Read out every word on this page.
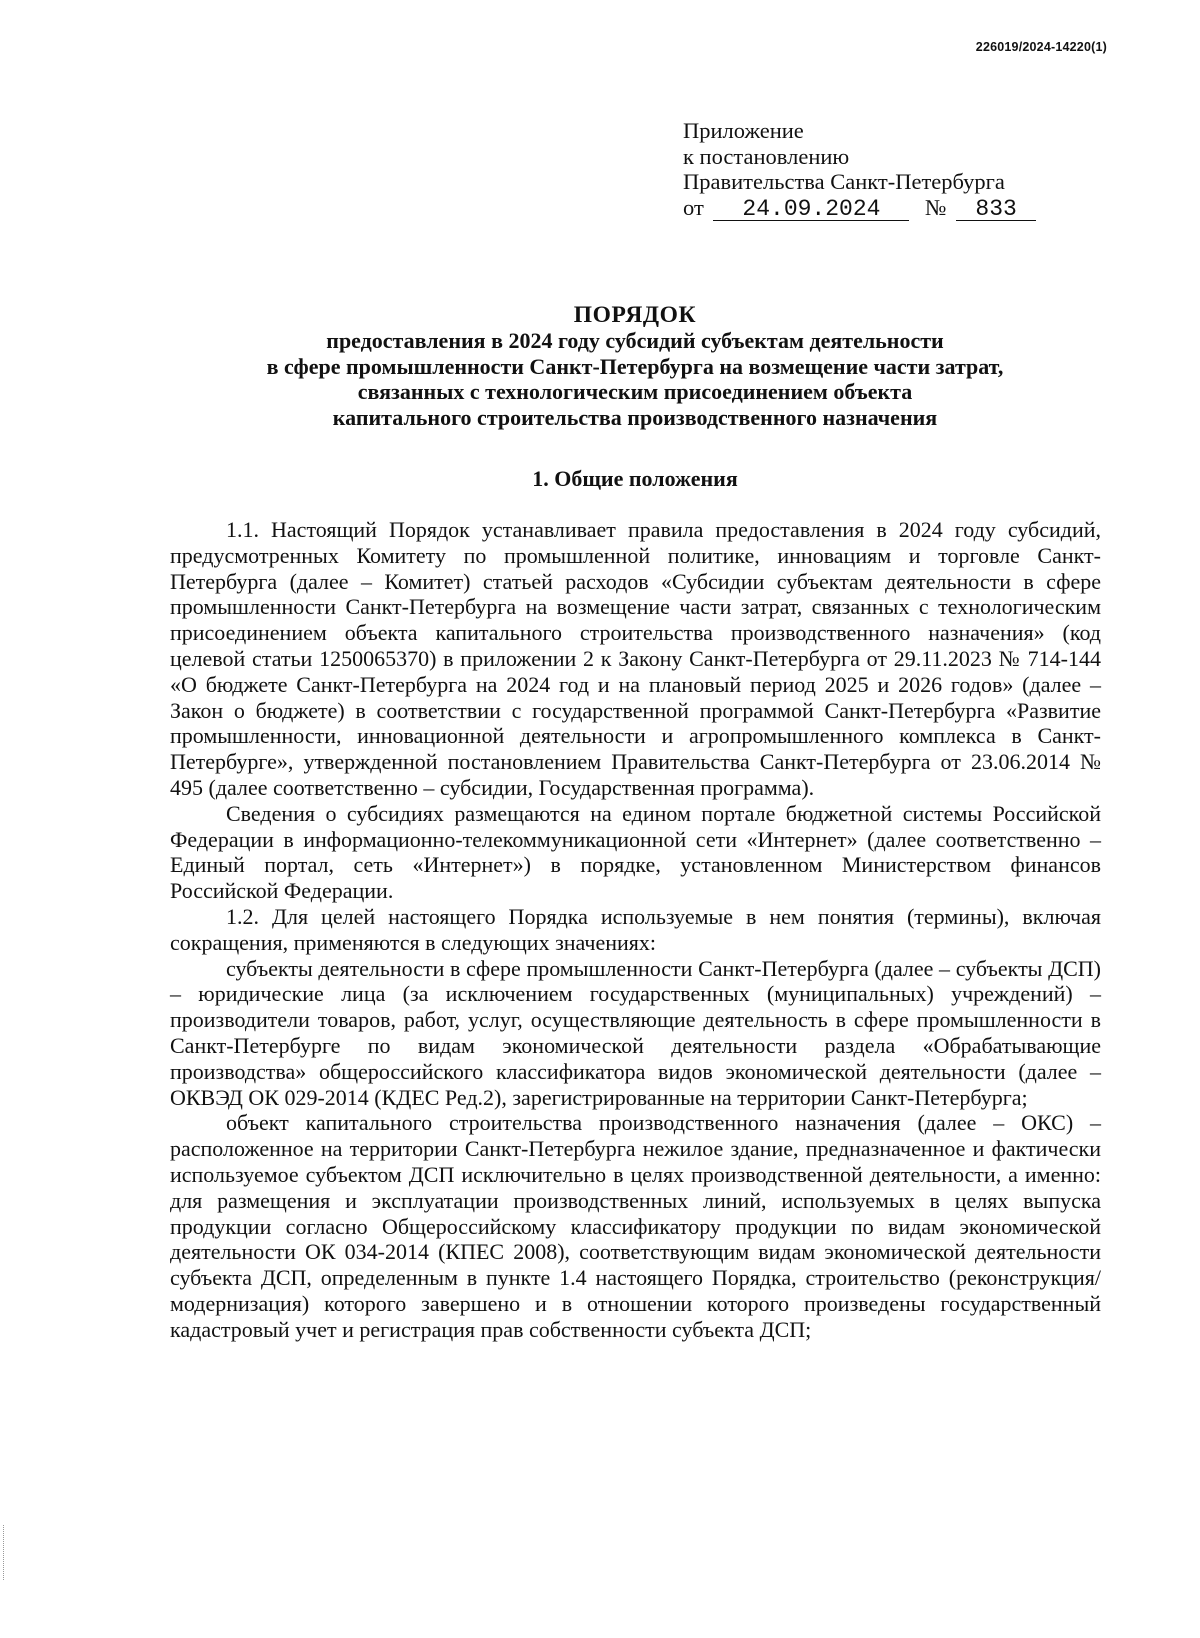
226019/2024-14220(1)
Приложение
к постановлению
Правительства Санкт-Петербурга
от 24.09.2024 № 833
ПОРЯДОК
предоставления в 2024 году субсидий субъектам деятельности
в сфере промышленности Санкт-Петербурга на возмещение части затрат,
связанных с технологическим присоединением объекта
капитального строительства производственного назначения
1. Общие положения

1.1. Настоящий Порядок устанавливает правила предоставления в 2024 году субсидий, предусмотренных Комитету по промышленной политике, инновациям и торговле Санкт-Петербурга (далее – Комитет) статьей расходов «Субсидии субъектам деятельности в сфере промышленности Санкт-Петербурга на возмещение части затрат, связанных с технологическим присоединением объекта капитального строительства производственного назначения» (код целевой статьи 1250065370) в приложении 2 к Закону Санкт-Петербурга от 29.11.2023 № 714-144 «О бюджете Санкт-Петербурга на 2024 год и на плановый период 2025 и 2026 годов» (далее – Закон о бюджете) в соответствии с государственной программой Санкт-Петербурга «Развитие промышленности, инновационной деятельности и агропромышленного комплекса в Санкт-Петербурге», утвержденной постановлением Правительства Санкт-Петербурга от 23.06.2014 № 495 (далее соответственно – субсидии, Государственная программа).

Сведения о субсидиях размещаются на едином портале бюджетной системы Российской Федерации в информационно-телекоммуникационной сети «Интернет» (далее соответственно – Единый портал, сеть «Интернет») в порядке, установленном Министерством финансов Российской Федерации.

1.2. Для целей настоящего Порядка используемые в нем понятия (термины), включая сокращения, применяются в следующих значениях:

субъекты деятельности в сфере промышленности Санкт-Петербурга (далее – субъекты ДСП) – юридические лица (за исключением государственных (муниципальных) учреждений) – производители товаров, работ, услуг, осуществляющие деятельность в сфере промышленности в Санкт-Петербурге по видам экономической деятельности раздела «Обрабатывающие производства» общероссийского классификатора видов экономической деятельности (далее – ОКВЭД ОК 029-2014 (КДЕС Ред.2), зарегистрированные на территории Санкт-Петербурга;

объект капитального строительства производственного назначения (далее – ОКС) – расположенное на территории Санкт-Петербурга нежилое здание, предназначенное и фактически используемое субъектом ДСП исключительно в целях производственной деятельности, а именно: для размещения и эксплуатации производственных линий, используемых в целях выпуска продукции согласно Общероссийскому классификатору продукции по видам экономической деятельности ОК 034-2014 (КПЕС 2008), соответствующим видам экономической деятельности субъекта ДСП, определенным в пункте 1.4 настоящего Порядка, строительство (реконструкция/модернизация) которого завершено и в отношении которого произведены государственный кадастровый учет и регистрация прав собственности субъекта ДСП;
